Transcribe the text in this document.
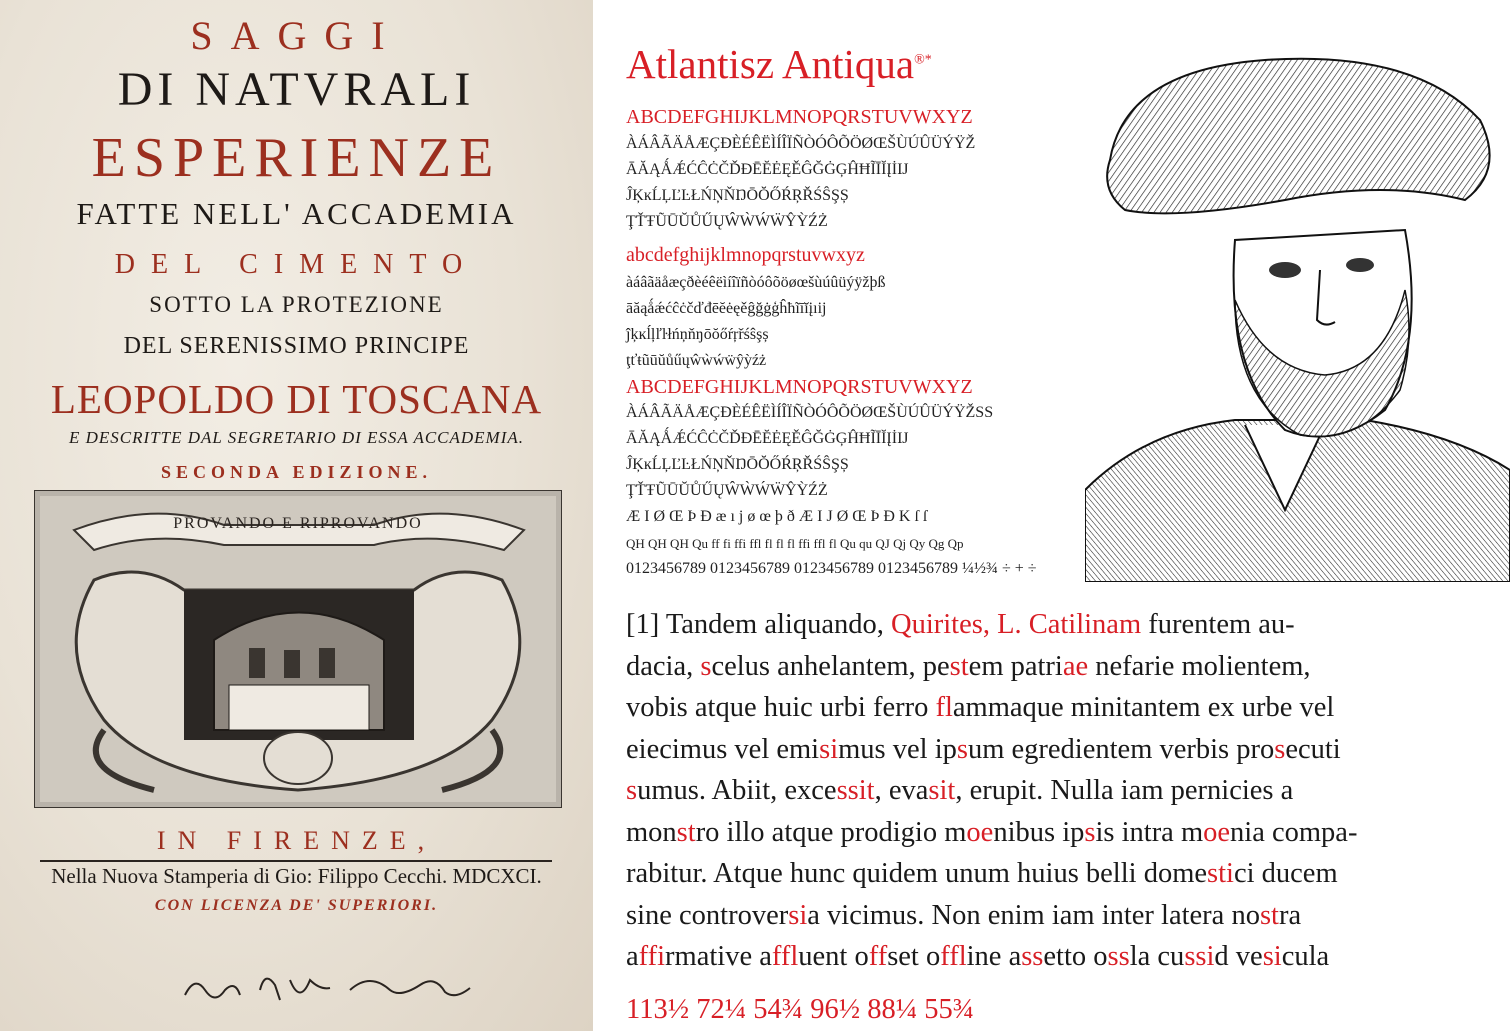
SAGGI
DI NATVRALI
ESPERIENZE
FATTE NELL' ACCADEMIA
DEL CIMENTO
SOTTO LA PROTEZIONE
DEL SERENISSIMO PRINCIPE
LEOPOLDO DI TOSCANA
E DESCRITTE DAL SEGRETARIO DI ESSA ACCADEMIA.
SECONDA EDIZIONE.
PROVANDO E RIPROVANDO
IN FIRENZE,
Nella Nuova Stamperia di Gio: Filippo Cecchi. MDCXCI.
CON LICENZA DE' SUPERIORI.
Atlantisz Antiqua®*
ABCDEFGHIJKLMNOPQRSTUVWXYZ
ÀÁÂÃÄÅÆÇÐÈÉÊËÌÍÎÏÑÒÓÔÕÖØŒŠÙÚÛÜÝŸŽ
ĀĂĄǺǼĆĈĊČĎĐĒĔĖĘĚĜĞĠĢĤĦĨĪĬĮİĲ
ĴĶĸĹĻĽĿŁŃŅŇŊŌŎŐŔŖŘŚŜŞȘ
ŢŤŦŨŪŬŮŰŲŴẀẂẄŶỲŹŻ
abcdefghijklmnopqrstuvwxyz
àáâãäåæçðèéêëìíîïñòóôõöøœšùúûüýÿžþß
āăąǻǽćĉċčďđēĕėęěĝğġģĥħĩīĭįıĳ
ĵķĸĺļľŀłńņňŋōŏőŕŗřśŝşș
ţťŧũūŭůűųŵẁẃẅŷỳźż
ABCDEFGHIJKLMNOPQRSTUVWXYZ
ÀÁÂÃÄÅÆÇÐÈÉÊËÌÍÎÏÑÒÓÔÕÖØŒŠÙÚÛÜÝŸŽSS
ĀĂĄǺǼĆĈĊČĎĐĒĔĖĘĚĜĞĠĢĤĦĨĪĬĮİĲ
ĴĶĸĹĻĽĿŁŃŅŇŊŌŎŐŔŖŘŚŜŞȘ
ŢŤŦŨŪŬŮŰŲŴẀẂẄŶỲŹŻ
Æ I Ø Œ Þ Ð æ ı j ø œ þ ð Æ I J Ø Œ Þ Ð K ſ ſ
QH QH QH Qu ff fi ffi ffl fl fl fl ffi ffl fl Qu qu QJ Qj Qy Qg Qp
0123456789 0123456789 0123456789 0123456789 ¼½¾ ÷ + ÷
[1] Tandem aliquando, Quirites, L. Catilinam furentem au-
dacia, scelus anhelantem, pestem patriae nefarie molientem,
vobis atque huic urbi ferro flammaque minitantem ex urbe vel
eiecimus vel emisimus vel ipsum egredientem verbis prosecuti
sumus. Abiit, excessit, evasit, erupit. Nulla iam pernicies a
monstro illo atque prodigio moenibus ipsis intra moenia compa-
rabitur. Atque hunc quidem unum huius belli domestici ducem
sine controversia vicimus. Non enim iam inter latera nostra
affirmative affluent offset offline assetto ossla cussid vesicula
113½ 72¼ 54¾ 96½ 88¼ 55¾
